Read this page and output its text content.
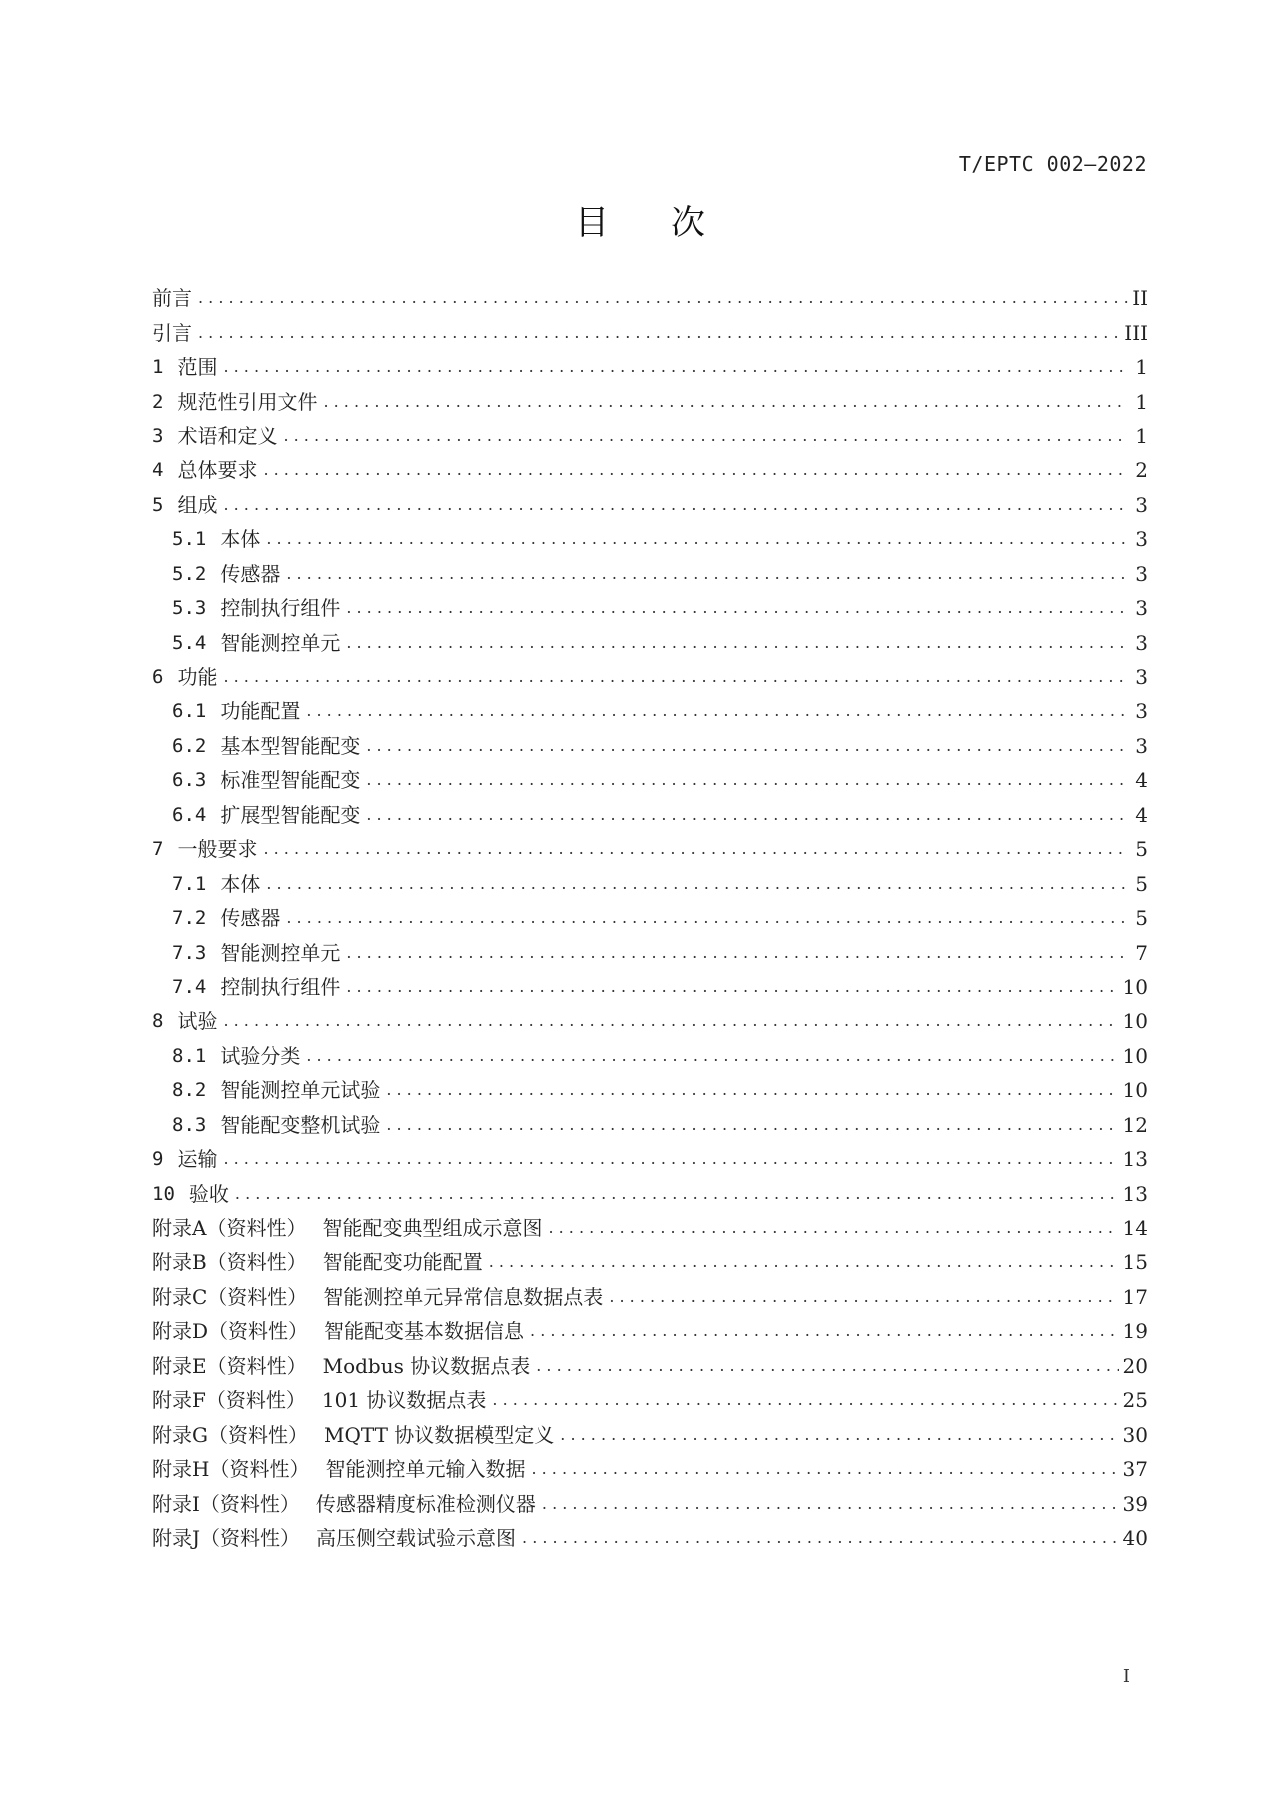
T/EPTC 002—2022
目次
前言 . . .	II
引言 . . .	III
1 范围 . . .	1
2 规范性引用文件 . . .	1
3 术语和定义 . . .	1
4 总体要求 . . .	2
5 组成 . . .	3
5.1 本体 . . .	3
5.2 传感器 . . .	3
5.3 控制执行组件 . . .	3
5.4 智能测控单元 . . .	3
6 功能 . . .	3
6.1 功能配置 . . .	3
6.2 基本型智能配变 . . .	3
6.3 标准型智能配变 . . .	4
6.4 扩展型智能配变 . . .	4
7 一般要求 . . .	5
7.1 本体 . . .	5
7.2 传感器 . . .	5
7.3 智能测控单元 . . .	7
7.4 控制执行组件 . . .	10
8 试验 . . .	10
8.1 试验分类 . . .	10
8.2 智能测控单元试验 . . .	10
8.3 智能配变整机试验 . . .	12
9 运输 . . .	13
10 验收 . . .	13
附录A（资料性） 智能配变典型组成示意图 . . .	14
附录B（资料性） 智能配变功能配置 . . .	15
附录C（资料性） 智能测控单元异常信息数据点表 . . .	17
附录D（资料性） 智能配变基本数据信息 . . .	19
附录E（资料性） Modbus 协议数据点表 . . .	20
附录F（资料性） 101 协议数据点表 . . .	25
附录G（资料性） MQTT 协议数据模型定义 . . .	30
附录H（资料性） 智能测控单元输入数据 . . .	37
附录I（资料性） 传感器精度标准检测仪器 . . .	39
附录J（资料性） 高压侧空载试验示意图 . . .	40
I
